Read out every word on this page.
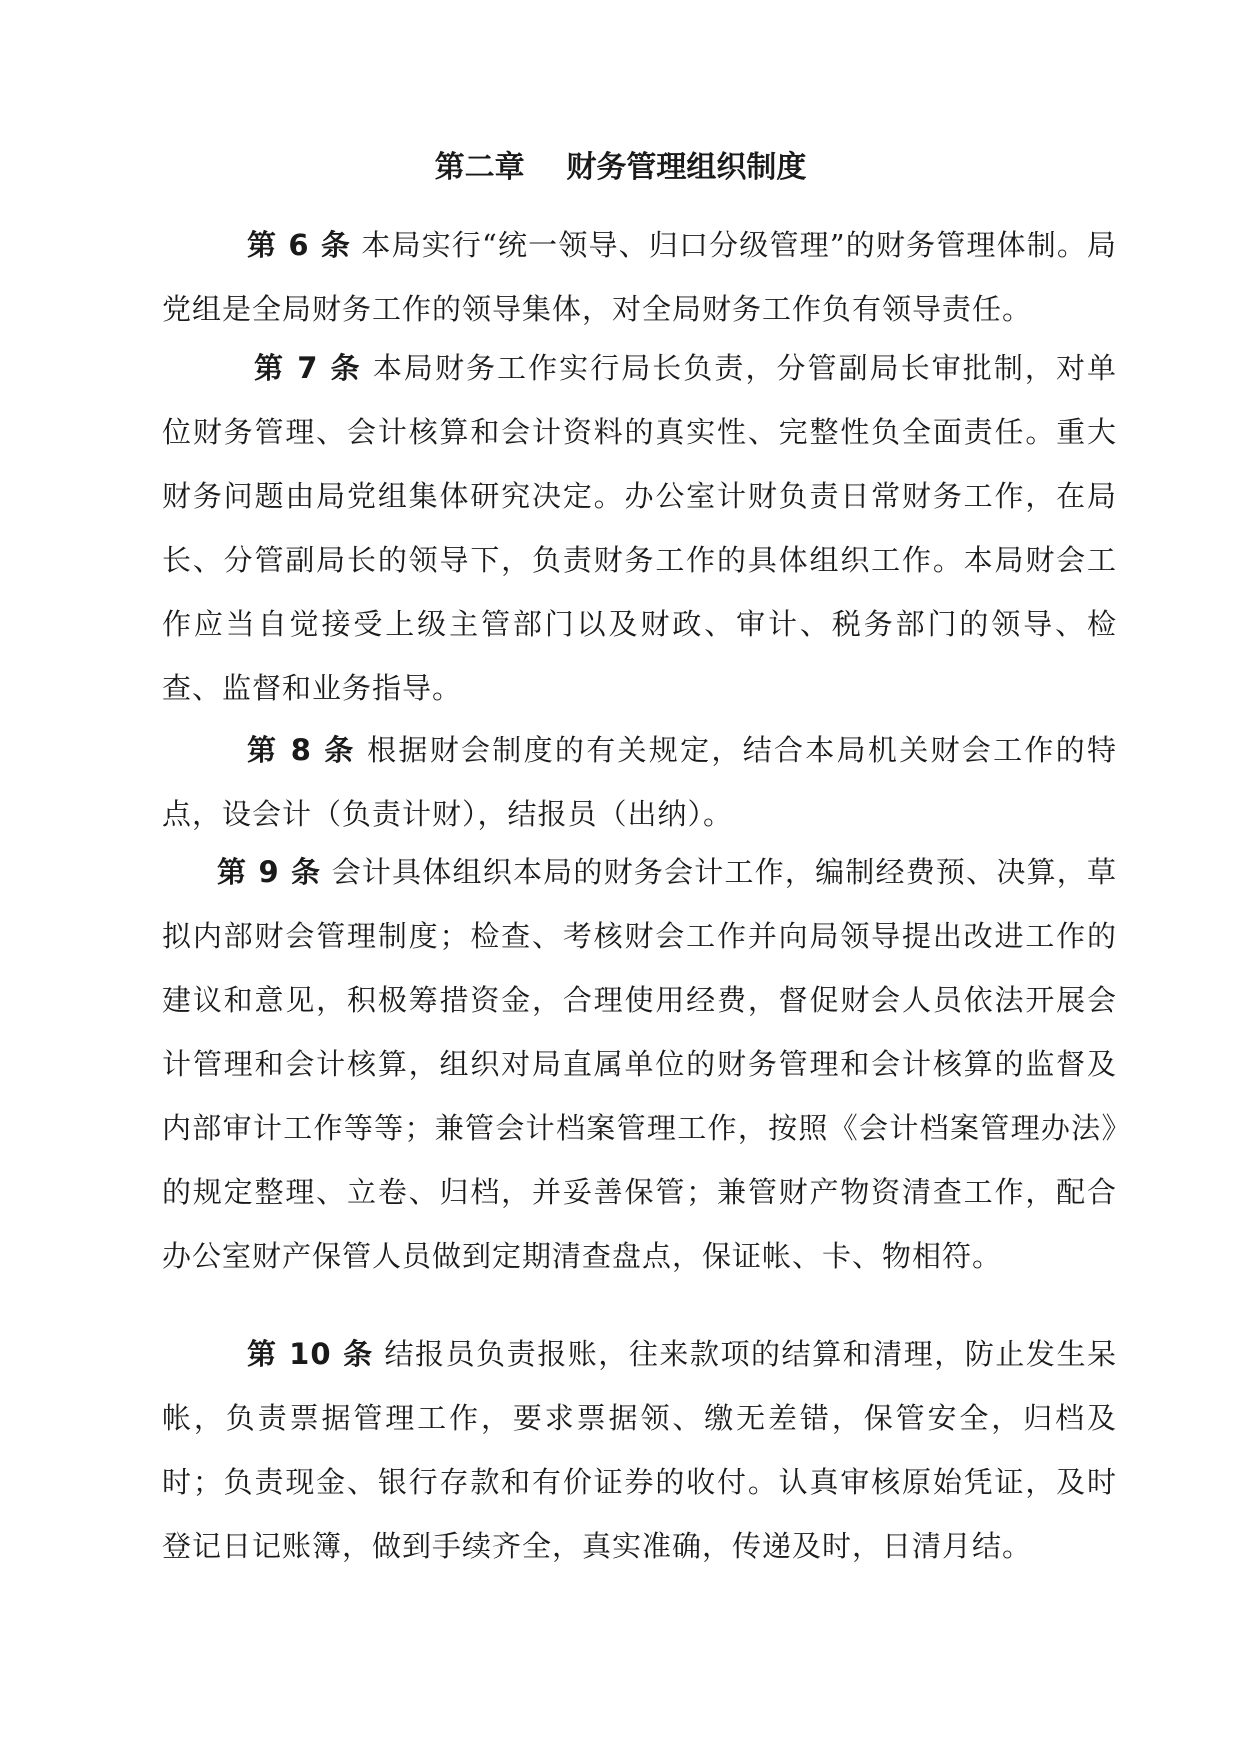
第二章    财务管理组织制度

第 6 条 本局实行“统一领导、归口分级管理”的财务管理体制。局党组是全局财务工作的领导集体，对全局财务工作负有领导责任。

第 7 条 本局财务工作实行局长负责，分管副局长审批制，对单位财务管理、会计核算和会计资料的真实性、完整性负全面责任。重大财务问题由局党组集体研究决定。办公室计财负责日常财务工作，在局长、分管副局长的领导下，负责财务工作的具体组织工作。本局财会工作应当自觉接受上级主管部门以及财政、审计、税务部门的领导、检查、监督和业务指导。

第 8 条 根据财会制度的有关规定，结合本局机关财会工作的特点，设会计（负责计财），结报员（出纳）。

第 9 条 会计具体组织本局的财务会计工作，编制经费预、决算，草拟内部财会管理制度；检查、考核财会工作并向局领导提出改进工作的建议和意见，积极筹措资金，合理使用经费，督促财会人员依法开展会计管理和会计核算，组织对局直属单位的财务管理和会计核算的监督及内部审计工作等等；兼管会计档案管理工作，按照《会计档案管理办法》的规定整理、立卷、归档，并妥善保管；兼管财产物资清查工作，配合办公室财产保管人员做到定期清查盘点，保证帐、卡、物相符。

第 10 条 结报员负责报账，往来款项的结算和清理，防止发生呆帐，负责票据管理工作，要求票据领、缴无差错，保管安全，归档及时；负责现金、银行存款和有价证券的收付。认真审核原始凭证，及时登记日记账簿，做到手续齐全，真实准确，传递及时，日清月结。
